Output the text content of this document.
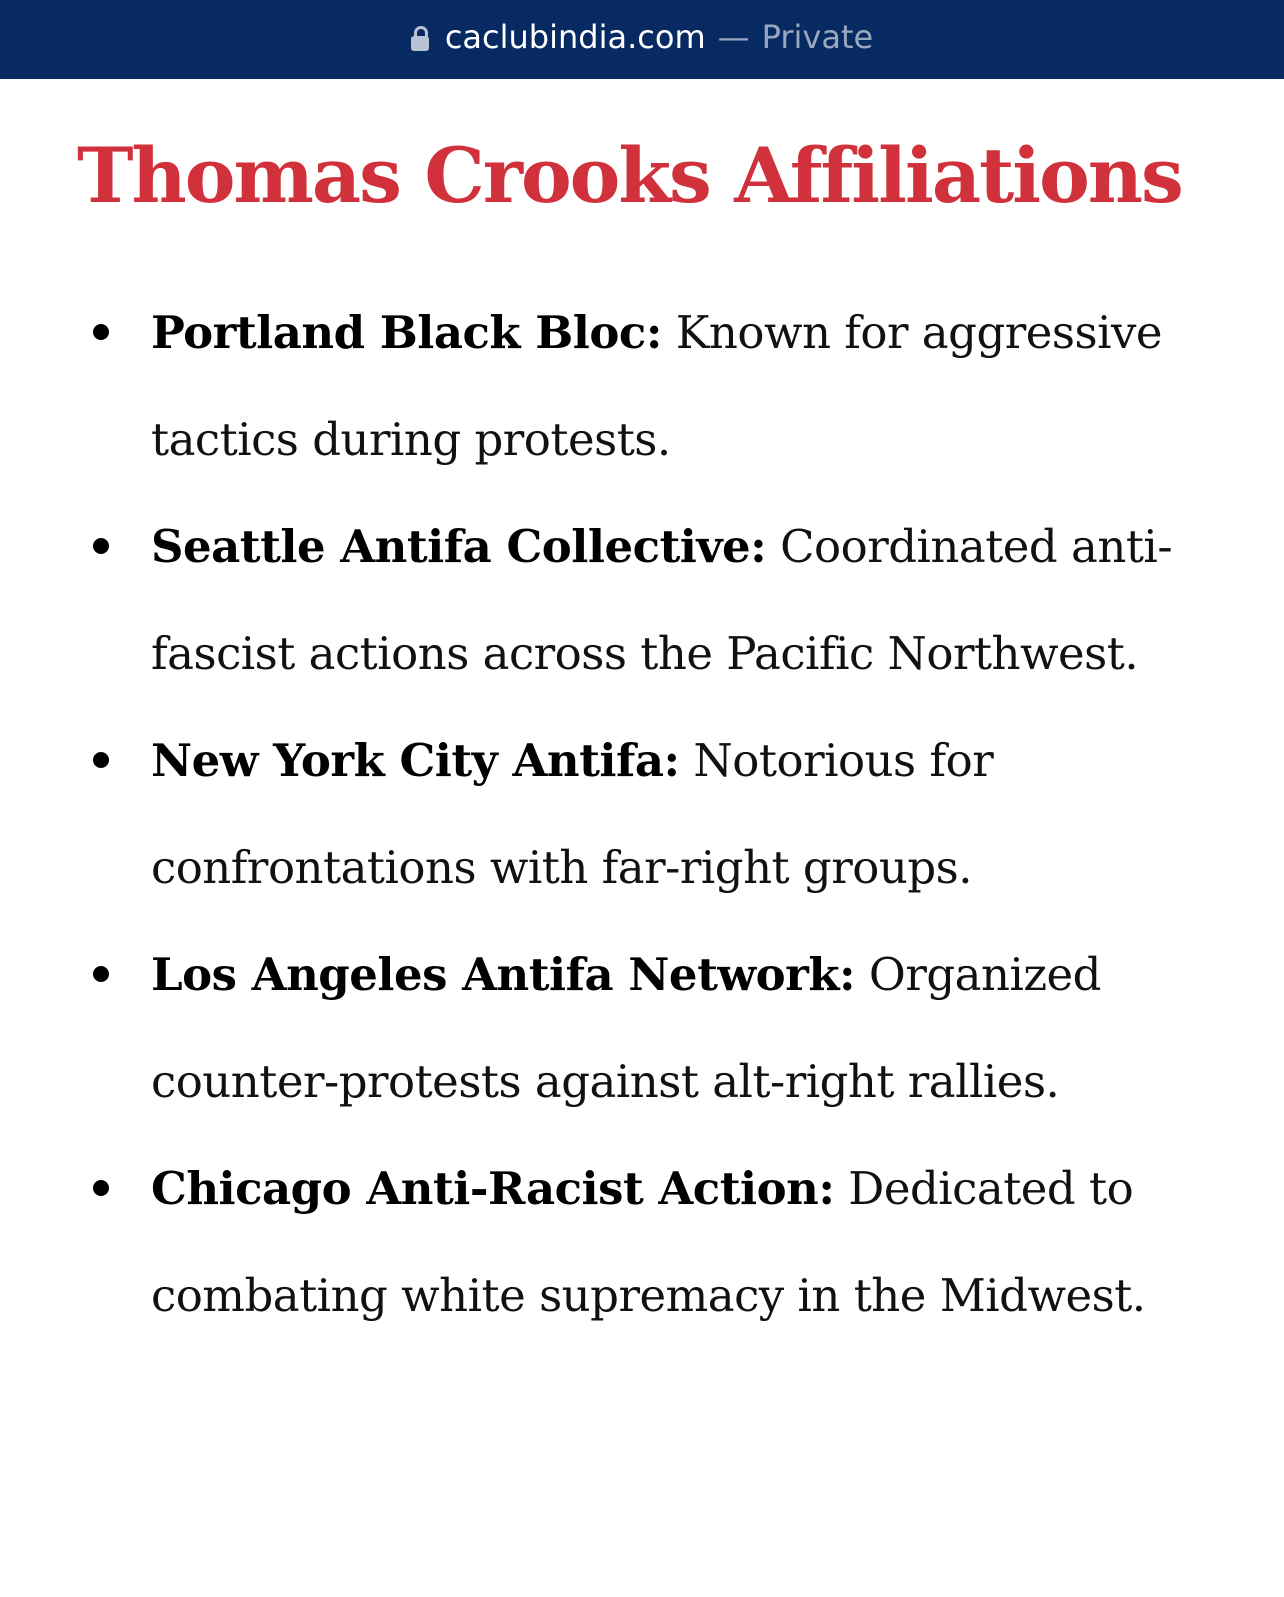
caclubindia.com — Private
Thomas Crooks Affiliations
Portland Black Bloc: Known for aggressive tactics during protests.
Seattle Antifa Collective: Coordinated anti-fascist actions across the Pacific Northwest.
New York City Antifa: Notorious for confrontations with far-right groups.
Los Angeles Antifa Network: Organized counter-protests against alt-right rallies.
Chicago Anti-Racist Action: Dedicated to combating white supremacy in the Midwest.
